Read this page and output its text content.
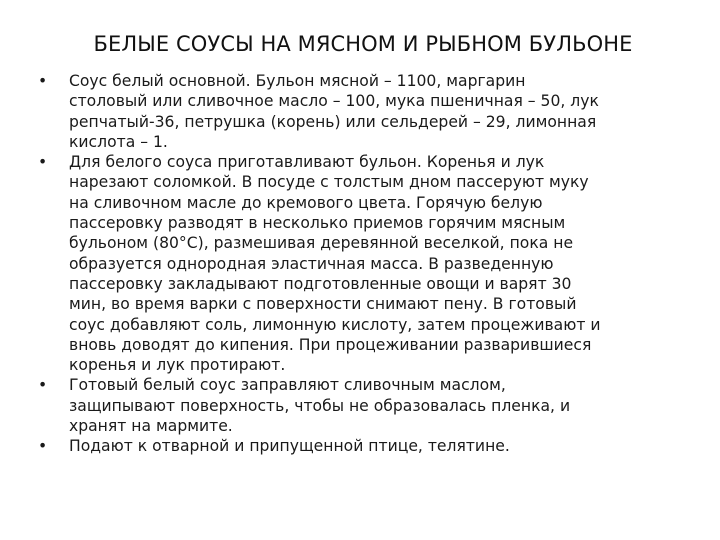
БЕЛЫЕ СОУСЫ НА МЯСНОМ И РЫБНОМ БУЛЬОНЕ
•	Соус белый основной. Бульон мясной – 1100, маргарин
столовый или сливочное масло – 100, мука пшеничная – 50, лук
репчатый-36, петрушка (корень) или сельдерей – 29, лимонная
кислота – 1.
•	Для белого соуса приготавливают бульон. Коренья и лук
нарезают соломкой. В посуде с толстым дном пассеруют муку
на сливочном масле до кремового цвета. Горячую белую
пассеровку разводят в несколько приемов горячим мясным
бульоном (80°С), размешивая деревянной веселкой, пока не
образуется однородная эластичная масса. В разведенную
пассеровку закладывают подготовленные овощи и варят 30
мин, во время варки с поверхности снимают пену. В готовый
соус добавляют соль, лимонную кислоту, затем процеживают и
вновь доводят до кипения. При процеживании разварившиеся
коренья и лук протирают.
•	Готовый белый соус заправляют сливочным маслом,
защипывают поверхность, чтобы не образовалась пленка, и
хранят на мармите.
•	Подают к отварной и припущенной птице, телятине.
